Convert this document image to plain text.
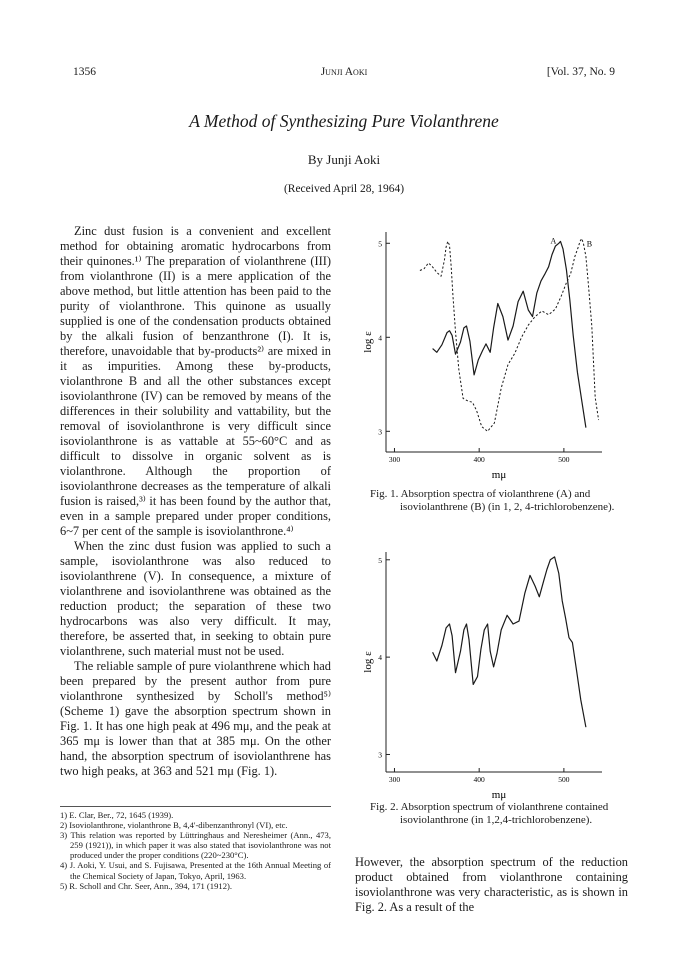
1356	Junji Aoki	[Vol. 37, No. 9
A Method of Synthesizing Pure Violanthrene
By Junji Aoki
(Received April 28, 1964)

Zinc dust fusion is a convenient and excellent method for obtaining aromatic hydrocarbons from their quinones.¹⁾ The preparation of violanthrene (III) from violanthrone (II) is a mere application of the above method, but little attention has been paid to the purity of violanthrone. This quinone as usually supplied is one of the condensation products obtained by the alkali fusion of benzanthrone (I). It is, therefore, unavoidable that by-products²⁾ are mixed in it as impurities. Among these by-products, violanthrone B and all the other substances except isoviolanthrone (IV) can be removed by means of the differences in their solubility and vattability, but the removal of isoviolanthrone is very difficult since isoviolanthrone is as vattable at 55~60°C and as difficult to dissolve in organic solvent as is violanthrone. Although the proportion of isoviolanthrone decreases as the temperature of alkali fusion is raised,³⁾ it has been found by the author that, even in a sample prepared under proper conditions, 6~7 per cent of the sample is isoviolanthrone.⁴⁾

When the zinc dust fusion was applied to such a sample, isoviolanthrone was also reduced to isoviolanthrene (V). In consequence, a mixture of violanthrene and isoviolanthrene was obtained as the reduction product; the separation of these two hydrocarbons was also very difficult. It may, therefore, be asserted that, in seeking to obtain pure violanthrene, such material must not be used.

The reliable sample of pure violanthrene which had been prepared by the present author from pure violanthrone synthesized by Scholl's method⁵⁾ (Scheme 1) gave the absorption spectrum shown in Fig. 1. It has one high peak at 496 mμ, and the peak at 365 mμ is lower than that at 385 mμ. On the other hand, the absorption spectrum of isoviolanthrene has two high peaks, at 363 and 521 mμ (Fig. 1).

1) E. Clar, Ber., 72, 1645 (1939).

2) Isoviolanthrone, violanthrone B, 4,4'-dibenzanthronyl (VI), etc.

3) This relation was reported by Lüttringhaus and Neresheimer (Ann., 473, 259 (1921)), in which paper it was also stated that isoviolanthrone was not produced under the proper conditions (220~230°C).

4) J. Aoki, Y. Usui, and S. Fujisawa, Presented at the 16th Annual Meeting of the Chemical Society of Japan, Tokyo, April, 1963.

5) R. Scholl and Chr. Seer, Ann., 394, 171 (1912).

3
4
5
300	400	500
log ε
mμ
A	B

Fig. 1. Absorption spectra of violanthrene (A) and isoviolanthrene (B) (in 1, 2, 4-trichlorobenzene).

3
4
5
300	400	500
log ε
mμ

Fig. 2. Absorption spectrum of violanthrene contained isoviolanthrone (in 1,2,4-trichlorobenzene).

However, the absorption spectrum of the reduction product obtained from violanthrone containing isoviolanthrone was very characteristic, as is shown in Fig. 2. As a result of the
